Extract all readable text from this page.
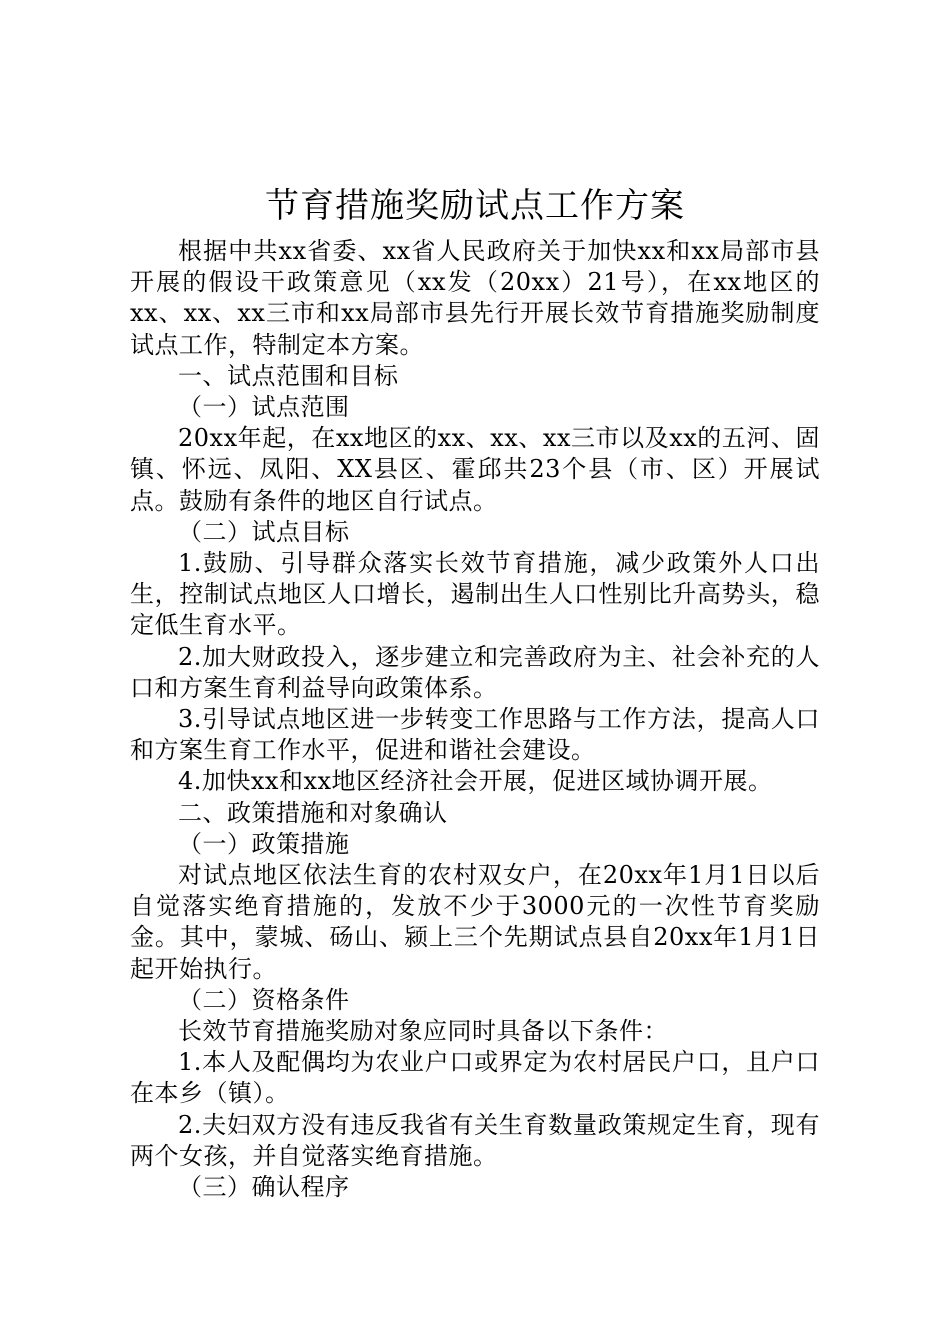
节育措施奖励试点工作方案

根据中共xx省委、xx省人民政府关于加快xx和xx局部市县开展的假设干政策意见（xx发（20xx）21号），在xx地区的xx、xx、xx三市和xx局部市县先行开展长效节育措施奖励制度试点工作，特制定本方案。

一、试点范围和目标

（一）试点范围

20xx年起，在xx地区的xx、xx、xx三市以及xx的五河、固镇、怀远、凤阳、XX县区、霍邱共23个县（市、区）开展试点。鼓励有条件的地区自行试点。

（二）试点目标

1.鼓励、引导群众落实长效节育措施，减少政策外人口出生，控制试点地区人口增长，遏制出生人口性别比升高势头，稳定低生育水平。

2.加大财政投入，逐步建立和完善政府为主、社会补充的人口和方案生育利益导向政策体系。

3.引导试点地区进一步转变工作思路与工作方法，提高人口和方案生育工作水平，促进和谐社会建设。

4.加快xx和xx地区经济社会开展，促进区域协调开展。

二、政策措施和对象确认

（一）政策措施

对试点地区依法生育的农村双女户，在20xx年1月1日以后自觉落实绝育措施的，发放不少于3000元的一次性节育奖励金。其中，蒙城、砀山、颍上三个先期试点县自20xx年1月1日起开始执行。

（二）资格条件

长效节育措施奖励对象应同时具备以下条件：

1.本人及配偶均为农业户口或界定为农村居民户口，且户口在本乡（镇）。

2.夫妇双方没有违反我省有关生育数量政策规定生育，现有两个女孩，并自觉落实绝育措施。

（三）确认程序
